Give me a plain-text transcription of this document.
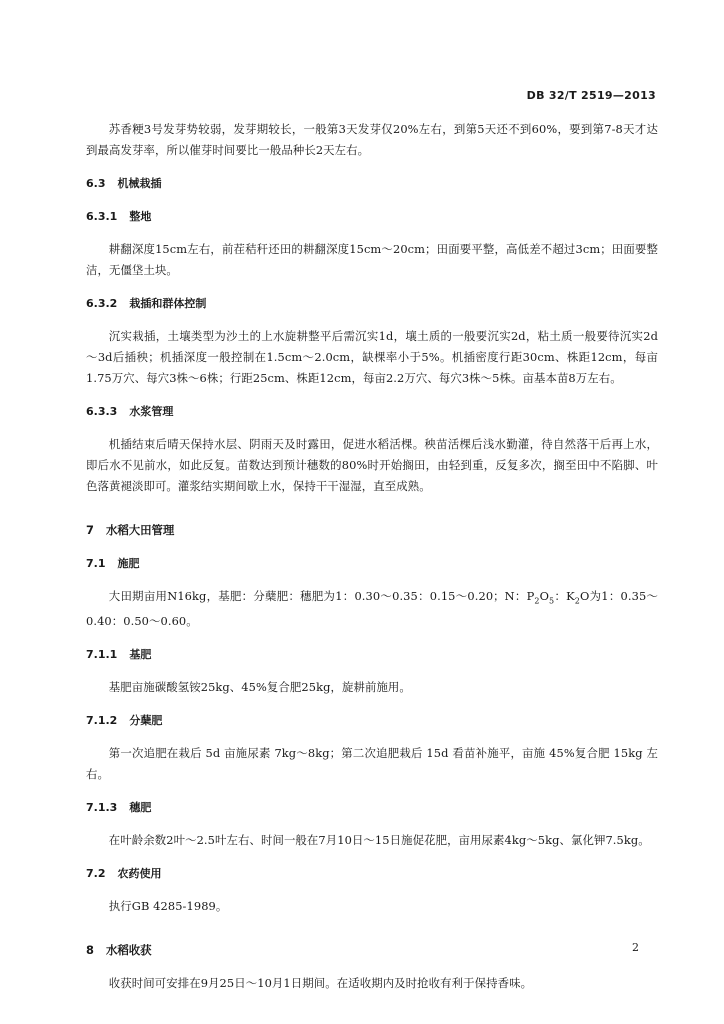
DB 32/T 2519—2013

苏香粳3号发芽势较弱，发芽期较长，一般第3天发芽仅20%左右，到第5天还不到60%，要到第7-8天才达到最高发芽率，所以催芽时间要比一般品种长2天左右。

6.3 机械栽插
6.3.1 整地

耕翻深度15cm左右，前茬秸秆还田的耕翻深度15cm～20cm；田面要平整，高低差不超过3cm；田面要整洁，无僵垡土块。

6.3.2 栽插和群体控制

沉实栽插，土壤类型为沙土的上水旋耕整平后需沉实1d，壤土质的一般要沉实2d，粘土质一般要待沉实2d～3d后插秧；机插深度一般控制在1.5cm～2.0cm，缺棵率小于5%。机插密度行距30cm、株距12cm，每亩1.75万穴、每穴3株～6株；行距25cm、株距12cm，每亩2.2万穴、每穴3株～5株。亩基本苗8万左右。

6.3.3 水浆管理

机插结束后晴天保持水层、阴雨天及时露田，促进水稻活棵。秧苗活棵后浅水勤灌，待自然落干后再上水，即后水不见前水，如此反复。苗数达到预计穗数的80%时开始搁田，由轻到重，反复多次，搁至田中不陷脚、叶色落黄褪淡即可。灌浆结实期间歇上水，保持干干湿湿，直至成熟。

7 水稻大田管理
7.1 施肥

大田期亩用N16kg，基肥：分蘖肥：穗肥为1：0.30～0.35：0.15～0.20；N：$P_2O_5$：$K_2O$为1：0.35～0.40：0.50～0.60。

7.1.1 基肥

基肥亩施碳酸氢铵25kg、45%复合肥25kg，旋耕前施用。

7.1.2 分蘖肥

第一次追肥在栽后 5d 亩施尿素 7kg～8kg；第二次追肥栽后 15d 看苗补施平，亩施 45%复合肥 15kg 左右。

7.1.3 穗肥

在叶龄余数2叶～2.5叶左右、时间一般在7月10日～15日施促花肥，亩用尿素4kg～5kg、氯化钾7.5kg。

7.2 农药使用

执行GB 4285-1989。

8 水稻收获

收获时间可安排在9月25日～10月1日期间。在适收期内及时抢收有利于保持香味。

2
